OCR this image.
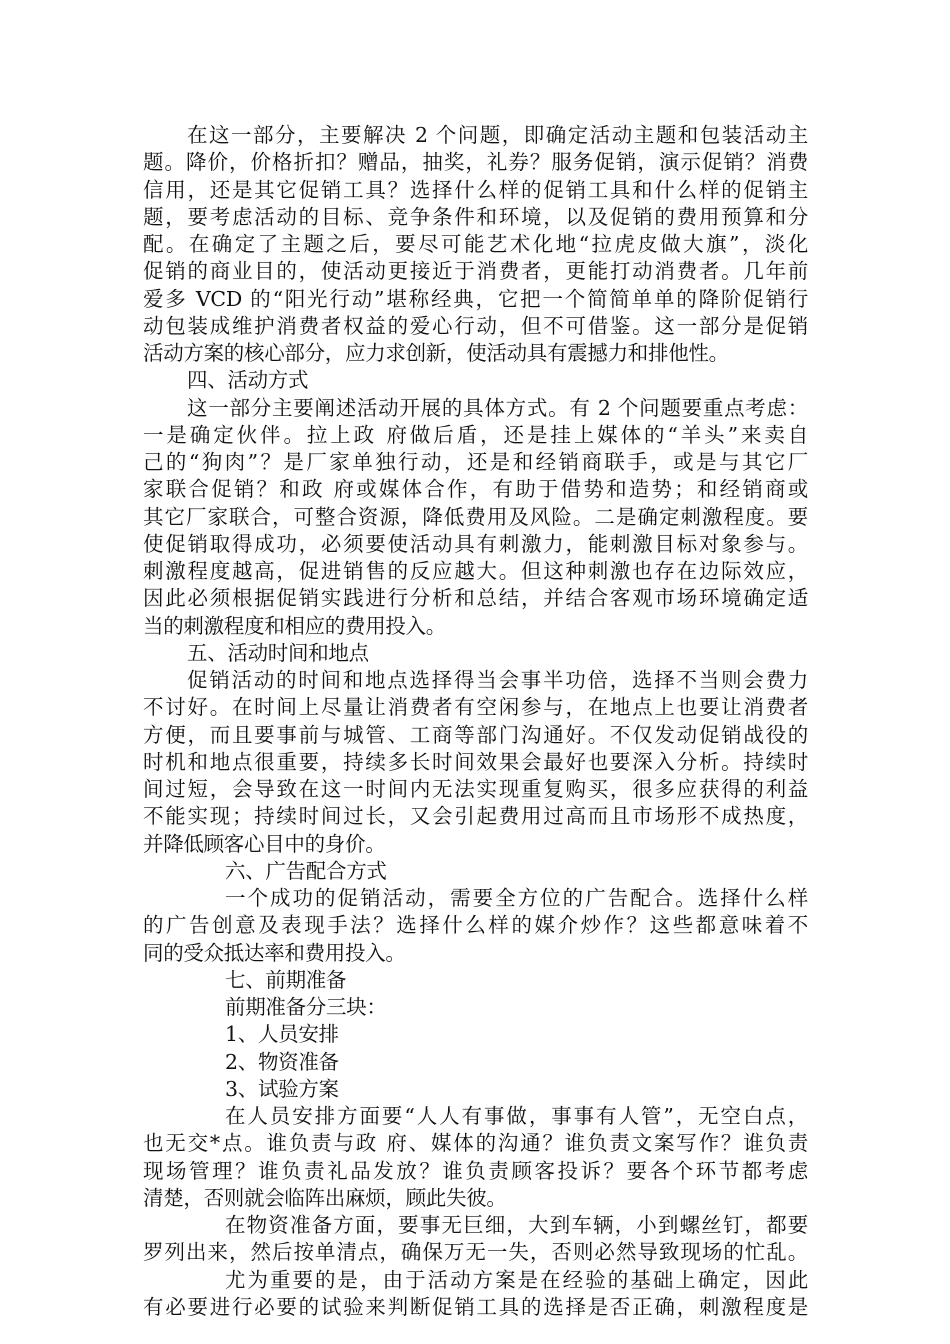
在这一部分，主要解决 2 个问题，即确定活动主题和包装活动主
题。降价，价格折扣？赠品，抽奖，礼券？服务促销，演示促销？消费
信用，还是其它促销工具？选择什么样的促销工具和什么样的促销主
题，要考虑活动的目标、竞争条件和环境，以及促销的费用预算和分
配。在确定了主题之后，要尽可能艺术化地“拉虎皮做大旗”，淡化
促销的商业目的，使活动更接近于消费者，更能打动消费者。几年前
爱多 VCD 的“阳光行动”堪称经典，它把一个简简单单的降阶促销行
动包装成维护消费者权益的爱心行动，但不可借鉴。这一部分是促销
活动方案的核心部分，应力求创新，使活动具有震撼力和排他性。
四、活动方式
这一部分主要阐述活动开展的具体方式。有 2 个问题要重点考虑：
一是确定伙伴。拉上政 府做后盾，还是挂上媒体的“羊头”来卖自
己的“狗肉”？是厂家单独行动，还是和经销商联手，或是与其它厂
家联合促销？和政 府或媒体合作，有助于借势和造势；和经销商或
其它厂家联合，可整合资源，降低费用及风险。二是确定刺激程度。要
使促销取得成功，必须要使活动具有刺激力，能刺激目标对象参与。
刺激程度越高，促进销售的反应越大。但这种刺激也存在边际效应，
因此必须根据促销实践进行分析和总结，并结合客观市场环境确定适
当的刺激程度和相应的费用投入。
五、活动时间和地点
促销活动的时间和地点选择得当会事半功倍，选择不当则会费力
不讨好。在时间上尽量让消费者有空闲参与，在地点上也要让消费者
方便，而且要事前与城管、工商等部门沟通好。不仅发动促销战役的
时机和地点很重要，持续多长时间效果会最好也要深入分析。持续时
间过短，会导致在这一时间内无法实现重复购买，很多应获得的利益
不能实现；持续时间过长，又会引起费用过高而且市场形不成热度，
并降低顾客心目中的身价。
六、广告配合方式
一个成功的促销活动，需要全方位的广告配合。选择什么样
的广告创意及表现手法？选择什么样的媒介炒作？这些都意味着不
同的受众抵达率和费用投入。
七、前期准备
前期准备分三块：
1、人员安排
2、物资准备
3、试验方案
在人员安排方面要“人人有事做，事事有人管”，无空白点，
也无交*点。谁负责与政 府、媒体的沟通？谁负责文案写作？谁负责
现场管理？谁负责礼品发放？谁负责顾客投诉？要各个环节都考虑
清楚，否则就会临阵出麻烦，顾此失彼。
在物资准备方面，要事无巨细，大到车辆，小到螺丝钉，都要
罗列出来，然后按单清点，确保万无一失，否则必然导致现场的忙乱。
尤为重要的是，由于活动方案是在经验的基础上确定，因此
有必要进行必要的试验来判断促销工具的选择是否正确，刺激程度是
